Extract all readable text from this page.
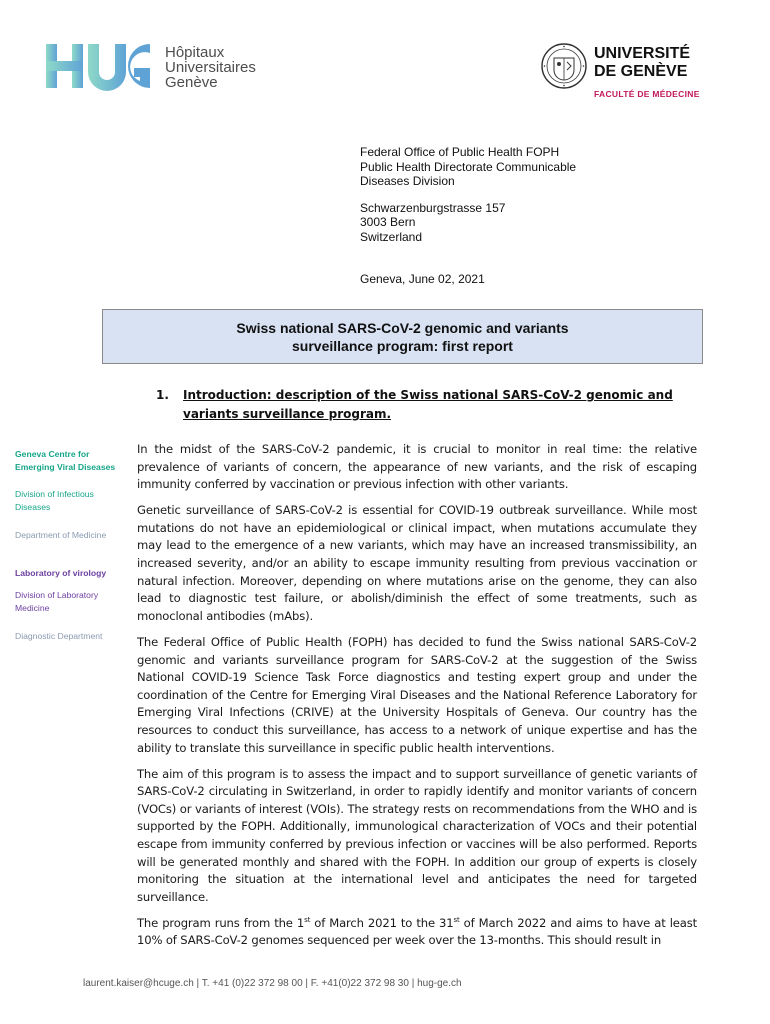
Hôpitaux
Universitaires
Genève
UNIVERSITÉ
DE GENÈVE
FACULTÉ DE MÉDECINE
Federal Office of Public Health FOPH
Public Health Directorate Communicable
Diseases Division
Schwarzenburgstrasse 157
3003 Bern
Switzerland
Geneva, June 02, 2021
Swiss national SARS-CoV-2 genomic and variants
surveillance program: first report
1. Introduction: description of the Swiss national SARS-CoV-2 genomic and variants surveillance program.
Geneva Centre for Emerging Viral Diseases
Division of Infectious Diseases
Department of Medicine
Laboratory of virology
Division of Laboratory Medicine
Diagnostic Department

In the midst of the SARS-CoV-2 pandemic, it is crucial to monitor in real time: the relative prevalence of variants of concern, the appearance of new variants, and the risk of escaping immunity conferred by vaccination or previous infection with other variants.

Genetic surveillance of SARS-CoV-2 is essential for COVID-19 outbreak surveillance. While most mutations do not have an epidemiological or clinical impact, when mutations accumulate they may lead to the emergence of a new variants, which may have an increased transmissibility, an increased severity, and/or an ability to escape immunity resulting from previous vaccination or natural infection. Moreover, depending on where mutations arise on the genome, they can also lead to diagnostic test failure, or abolish/diminish the effect of some treatments, such as monoclonal antibodies (mAbs).

The Federal Office of Public Health (FOPH) has decided to fund the Swiss national SARS-CoV-2 genomic and variants surveillance program for SARS-CoV-2 at the suggestion of the Swiss National COVID-19 Science Task Force diagnostics and testing expert group and under the coordination of the Centre for Emerging Viral Diseases and the National Reference Laboratory for Emerging Viral Infections (CRIVE) at the University Hospitals of Geneva. Our country has the resources to conduct this surveillance, has access to a network of unique expertise and has the ability to translate this surveillance in specific public health interventions.

The aim of this program is to assess the impact and to support surveillance of genetic variants of SARS-CoV-2 circulating in Switzerland, in order to rapidly identify and monitor variants of concern (VOCs) or variants of interest (VOIs). The strategy rests on recommendations from the WHO and is supported by the FOPH. Additionally, immunological characterization of VOCs and their potential escape from immunity conferred by previous infection or vaccines will be also performed. Reports will be generated monthly and shared with the FOPH. In addition our group of experts is closely monitoring the situation at the international level and anticipates the need for targeted surveillance.

The program runs from the 1st of March 2021 to the 31st of March 2022 and aims to have at least 10% of SARS-CoV-2 genomes sequenced per week over the 13-months. This should result in

laurent.kaiser@hcuge.ch | T. +41 (0)22 372 98 00 | F. +41(0)22 372 98 30 | hug-ge.ch
